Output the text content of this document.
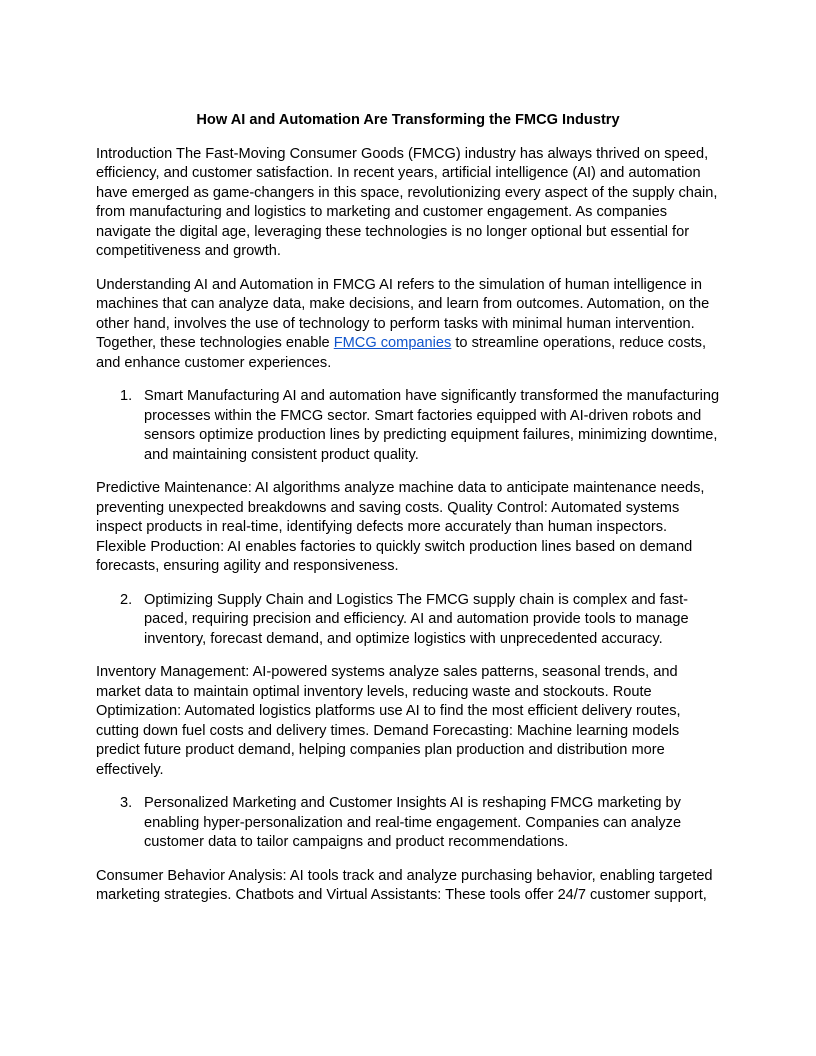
How AI and Automation Are Transforming the FMCG Industry

Introduction The Fast-Moving Consumer Goods (FMCG) industry has always thrived on speed, efficiency, and customer satisfaction. In recent years, artificial intelligence (AI) and automation have emerged as game-changers in this space, revolutionizing every aspect of the supply chain, from manufacturing and logistics to marketing and customer engagement. As companies navigate the digital age, leveraging these technologies is no longer optional but essential for competitiveness and growth.

Understanding AI and Automation in FMCG AI refers to the simulation of human intelligence in machines that can analyze data, make decisions, and learn from outcomes. Automation, on the other hand, involves the use of technology to perform tasks with minimal human intervention. Together, these technologies enable FMCG companies to streamline operations, reduce costs, and enhance customer experiences.

1. Smart Manufacturing AI and automation have significantly transformed the manufacturing processes within the FMCG sector. Smart factories equipped with AI-driven robots and sensors optimize production lines by predicting equipment failures, minimizing downtime, and maintaining consistent product quality.

Predictive Maintenance: AI algorithms analyze machine data to anticipate maintenance needs, preventing unexpected breakdowns and saving costs. Quality Control: Automated systems inspect products in real-time, identifying defects more accurately than human inspectors. Flexible Production: AI enables factories to quickly switch production lines based on demand forecasts, ensuring agility and responsiveness.

2. Optimizing Supply Chain and Logistics The FMCG supply chain is complex and fast-paced, requiring precision and efficiency. AI and automation provide tools to manage inventory, forecast demand, and optimize logistics with unprecedented accuracy.

Inventory Management: AI-powered systems analyze sales patterns, seasonal trends, and market data to maintain optimal inventory levels, reducing waste and stockouts. Route Optimization: Automated logistics platforms use AI to find the most efficient delivery routes, cutting down fuel costs and delivery times. Demand Forecasting: Machine learning models predict future product demand, helping companies plan production and distribution more effectively.

3. Personalized Marketing and Customer Insights AI is reshaping FMCG marketing by enabling hyper-personalization and real-time engagement. Companies can analyze customer data to tailor campaigns and product recommendations.

Consumer Behavior Analysis: AI tools track and analyze purchasing behavior, enabling targeted marketing strategies. Chatbots and Virtual Assistants: These tools offer 24/7 customer support,
